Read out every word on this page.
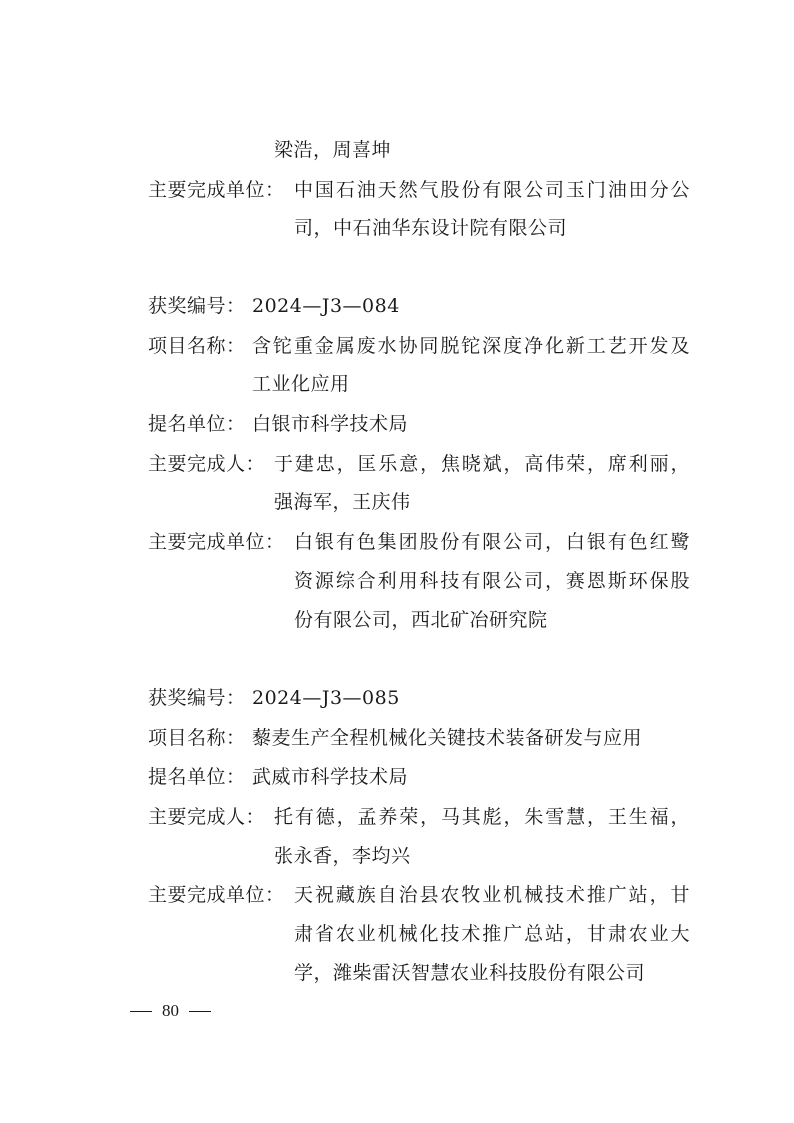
梁浩，周喜坤
主要完成单位： 中国石油天然气股份有限公司玉门油田分公
司，中石油华东设计院有限公司
获奖编号： 2024—J3—084
项目名称： 含铊重金属废水协同脱铊深度净化新工艺开发及
工业化应用
提名单位： 白银市科学技术局
主要完成人： 于建忠，匡乐意，焦晓斌，高伟荣，席利丽，
强海军，王庆伟
主要完成单位： 白银有色集团股份有限公司，白银有色红鹭
资源综合利用科技有限公司，赛恩斯环保股
份有限公司，西北矿冶研究院
获奖编号： 2024—J3—085
项目名称： 藜麦生产全程机械化关键技术装备研发与应用
提名单位： 武威市科学技术局
主要完成人： 托有德，孟养荣，马其彪，朱雪慧，王生福，
张永香，李均兴
主要完成单位： 天祝藏族自治县农牧业机械技术推广站，甘
肃省农业机械化技术推广总站，甘肃农业大
学，潍柴雷沃智慧农业科技股份有限公司
80
